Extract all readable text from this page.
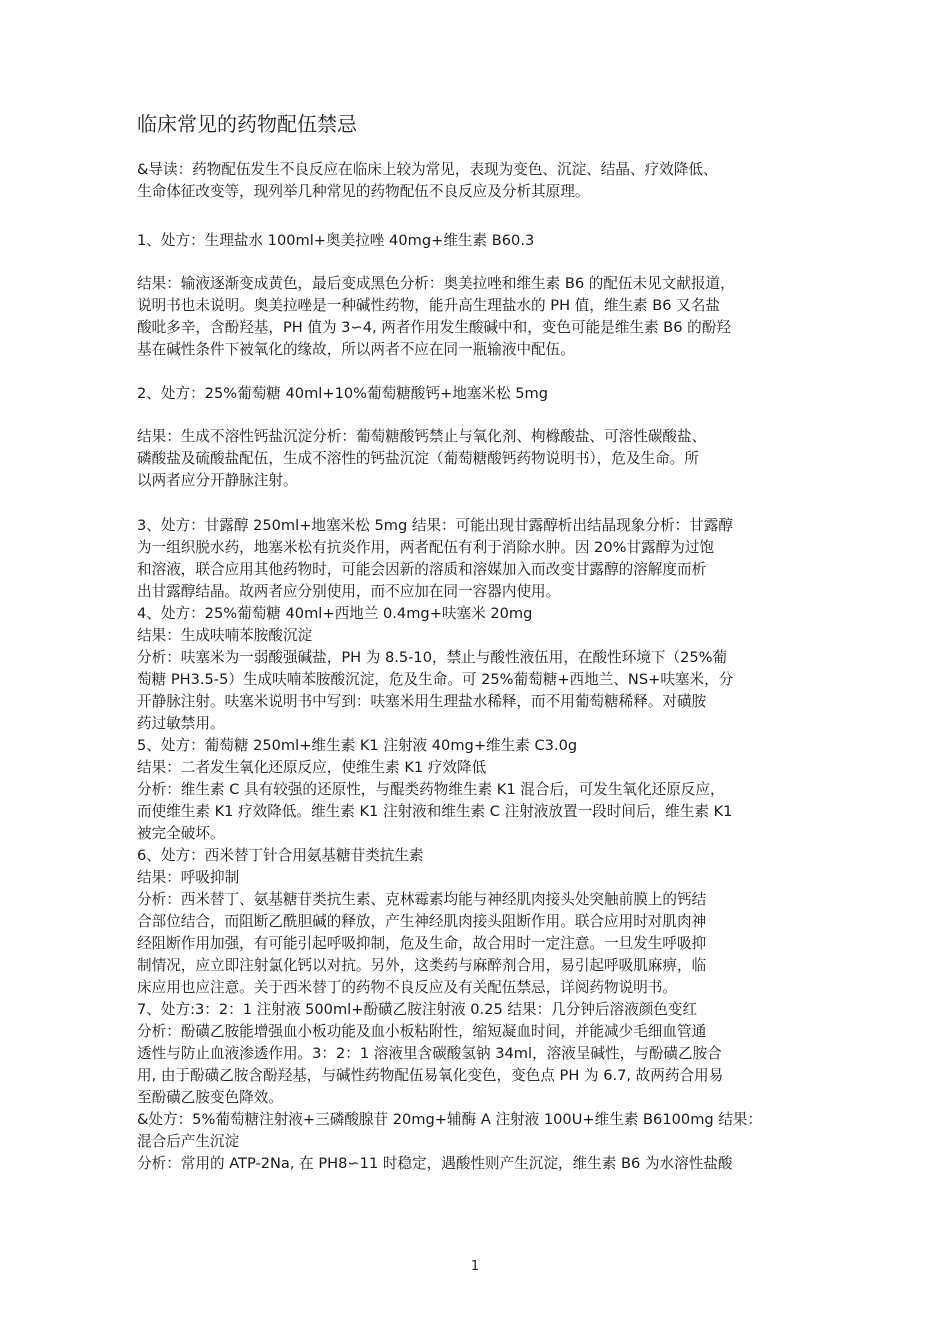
临床常见的药物配伍禁忌
&导读：药物配伍发生不良反应在临床上较为常见，表现为变色、沉淀、结晶、疗效降低、
生命体征改变等，现列举几种常见的药物配伍不良反应及分析其原理。
1、处方：生理盐水 100ml+奥美拉唑 40mg+维生素 B60.3
结果：输液逐渐变成黄色，最后变成黑色分析：奥美拉唑和维生素 B6 的配伍未见文献报道，
说明书也未说明。奥美拉唑是一种碱性药物，能升高生理盐水的 PH 值，维生素 B6 又名盐
酸吡多辛，含酚羟基，PH 值为 3∽4, 两者作用发生酸碱中和，变色可能是维生素 B6 的酚羟
基在碱性条件下被氧化的缘故，所以两者不应在同一瓶输液中配伍。
2、处方：25%葡萄糖 40ml+10%葡萄糖酸钙+地塞米松 5mg
结果：生成不溶性钙盐沉淀分析：葡萄糖酸钙禁止与氧化剂、枸橼酸盐、可溶性碳酸盐、
磷酸盐及硫酸盐配伍，生成不溶性的钙盐沉淀（葡萄糖酸钙药物说明书），危及生命。所
以两者应分开静脉注射。
3、处方：甘露醇 250ml+地塞米松 5mg 结果：可能出现甘露醇析出结晶现象分析：甘露醇
为一组织脱水药，地塞米松有抗炎作用，两者配伍有利于消除水肿。因 20%甘露醇为过饱
和溶液，联合应用其他药物时，可能会因新的溶质和溶媒加入而改变甘露醇的溶解度而析
出甘露醇结晶。故两者应分别使用，而不应加在同一容器内使用。
4、处方：25%葡萄糖 40ml+西地兰 0.4mg+呋塞米 20mg
结果：生成呋喃苯胺酸沉淀
分析：呋塞米为一弱酸强碱盐，PH 为 8.5-10，禁止与酸性液伍用，在酸性环境下（25%葡
萄糖 PH3.5-5）生成呋喃苯胺酸沉淀，危及生命。可 25%葡萄糖+西地兰、NS+呋塞米，分
开静脉注射。呋塞米说明书中写到：呋塞米用生理盐水稀释，而不用葡萄糖稀释。对磺胺
药过敏禁用。
5、处方：葡萄糖 250ml+维生素 K1 注射液 40mg+维生素 C3.0g
结果：二者发生氧化还原反应，使维生素 K1 疗效降低
分析：维生素 C 具有较强的还原性，与醌类药物维生素 K1 混合后，可发生氧化还原反应，
而使维生素 K1 疗效降低。维生素 K1 注射液和维生素 C 注射液放置一段时间后，维生素 K1
被完全破坏。
6、处方：西米替丁针合用氨基糖苷类抗生素
结果：呼吸抑制
分析：西米替丁、氨基糖苷类抗生素、克林霉素均能与神经肌肉接头处突触前膜上的钙结
合部位结合，而阻断乙酰胆碱的释放，产生神经肌肉接头阻断作用。联合应用时对肌肉神
经阻断作用加强，有可能引起呼吸抑制，危及生命，故合用时一定注意。一旦发生呼吸抑
制情况，应立即注射氯化钙以对抗。另外，这类药与麻醉剂合用，易引起呼吸肌麻痹，临
床应用也应注意。关于西米替丁的药物不良反应及有关配伍禁忌，详阅药物说明书。
7、处方:3：2：1 注射液 500ml+酚磺乙胺注射液 0.25 结果：几分钟后溶液颜色变红
分析：酚磺乙胺能增强血小板功能及血小板粘附性，缩短凝血时间，并能减少毛细血管通
透性与防止血液渗透作用。3：2：1 溶液里含碳酸氢钠 34ml，溶液呈碱性，与酚磺乙胺合
用, 由于酚磺乙胺含酚羟基，与碱性药物配伍易氧化变色，变色点 PH 为 6.7, 故两药合用易
至酚磺乙胺变色降效。
&处方：5%葡萄糖注射液+三磷酸腺苷 20mg+辅酶 A 注射液 100U+维生素 B6100mg 结果：
混合后产生沉淀
分析：常用的 ATP-2Na, 在 PH8∽11 时稳定，遇酸性则产生沉淀，维生素 B6 为水溶性盐酸
1
